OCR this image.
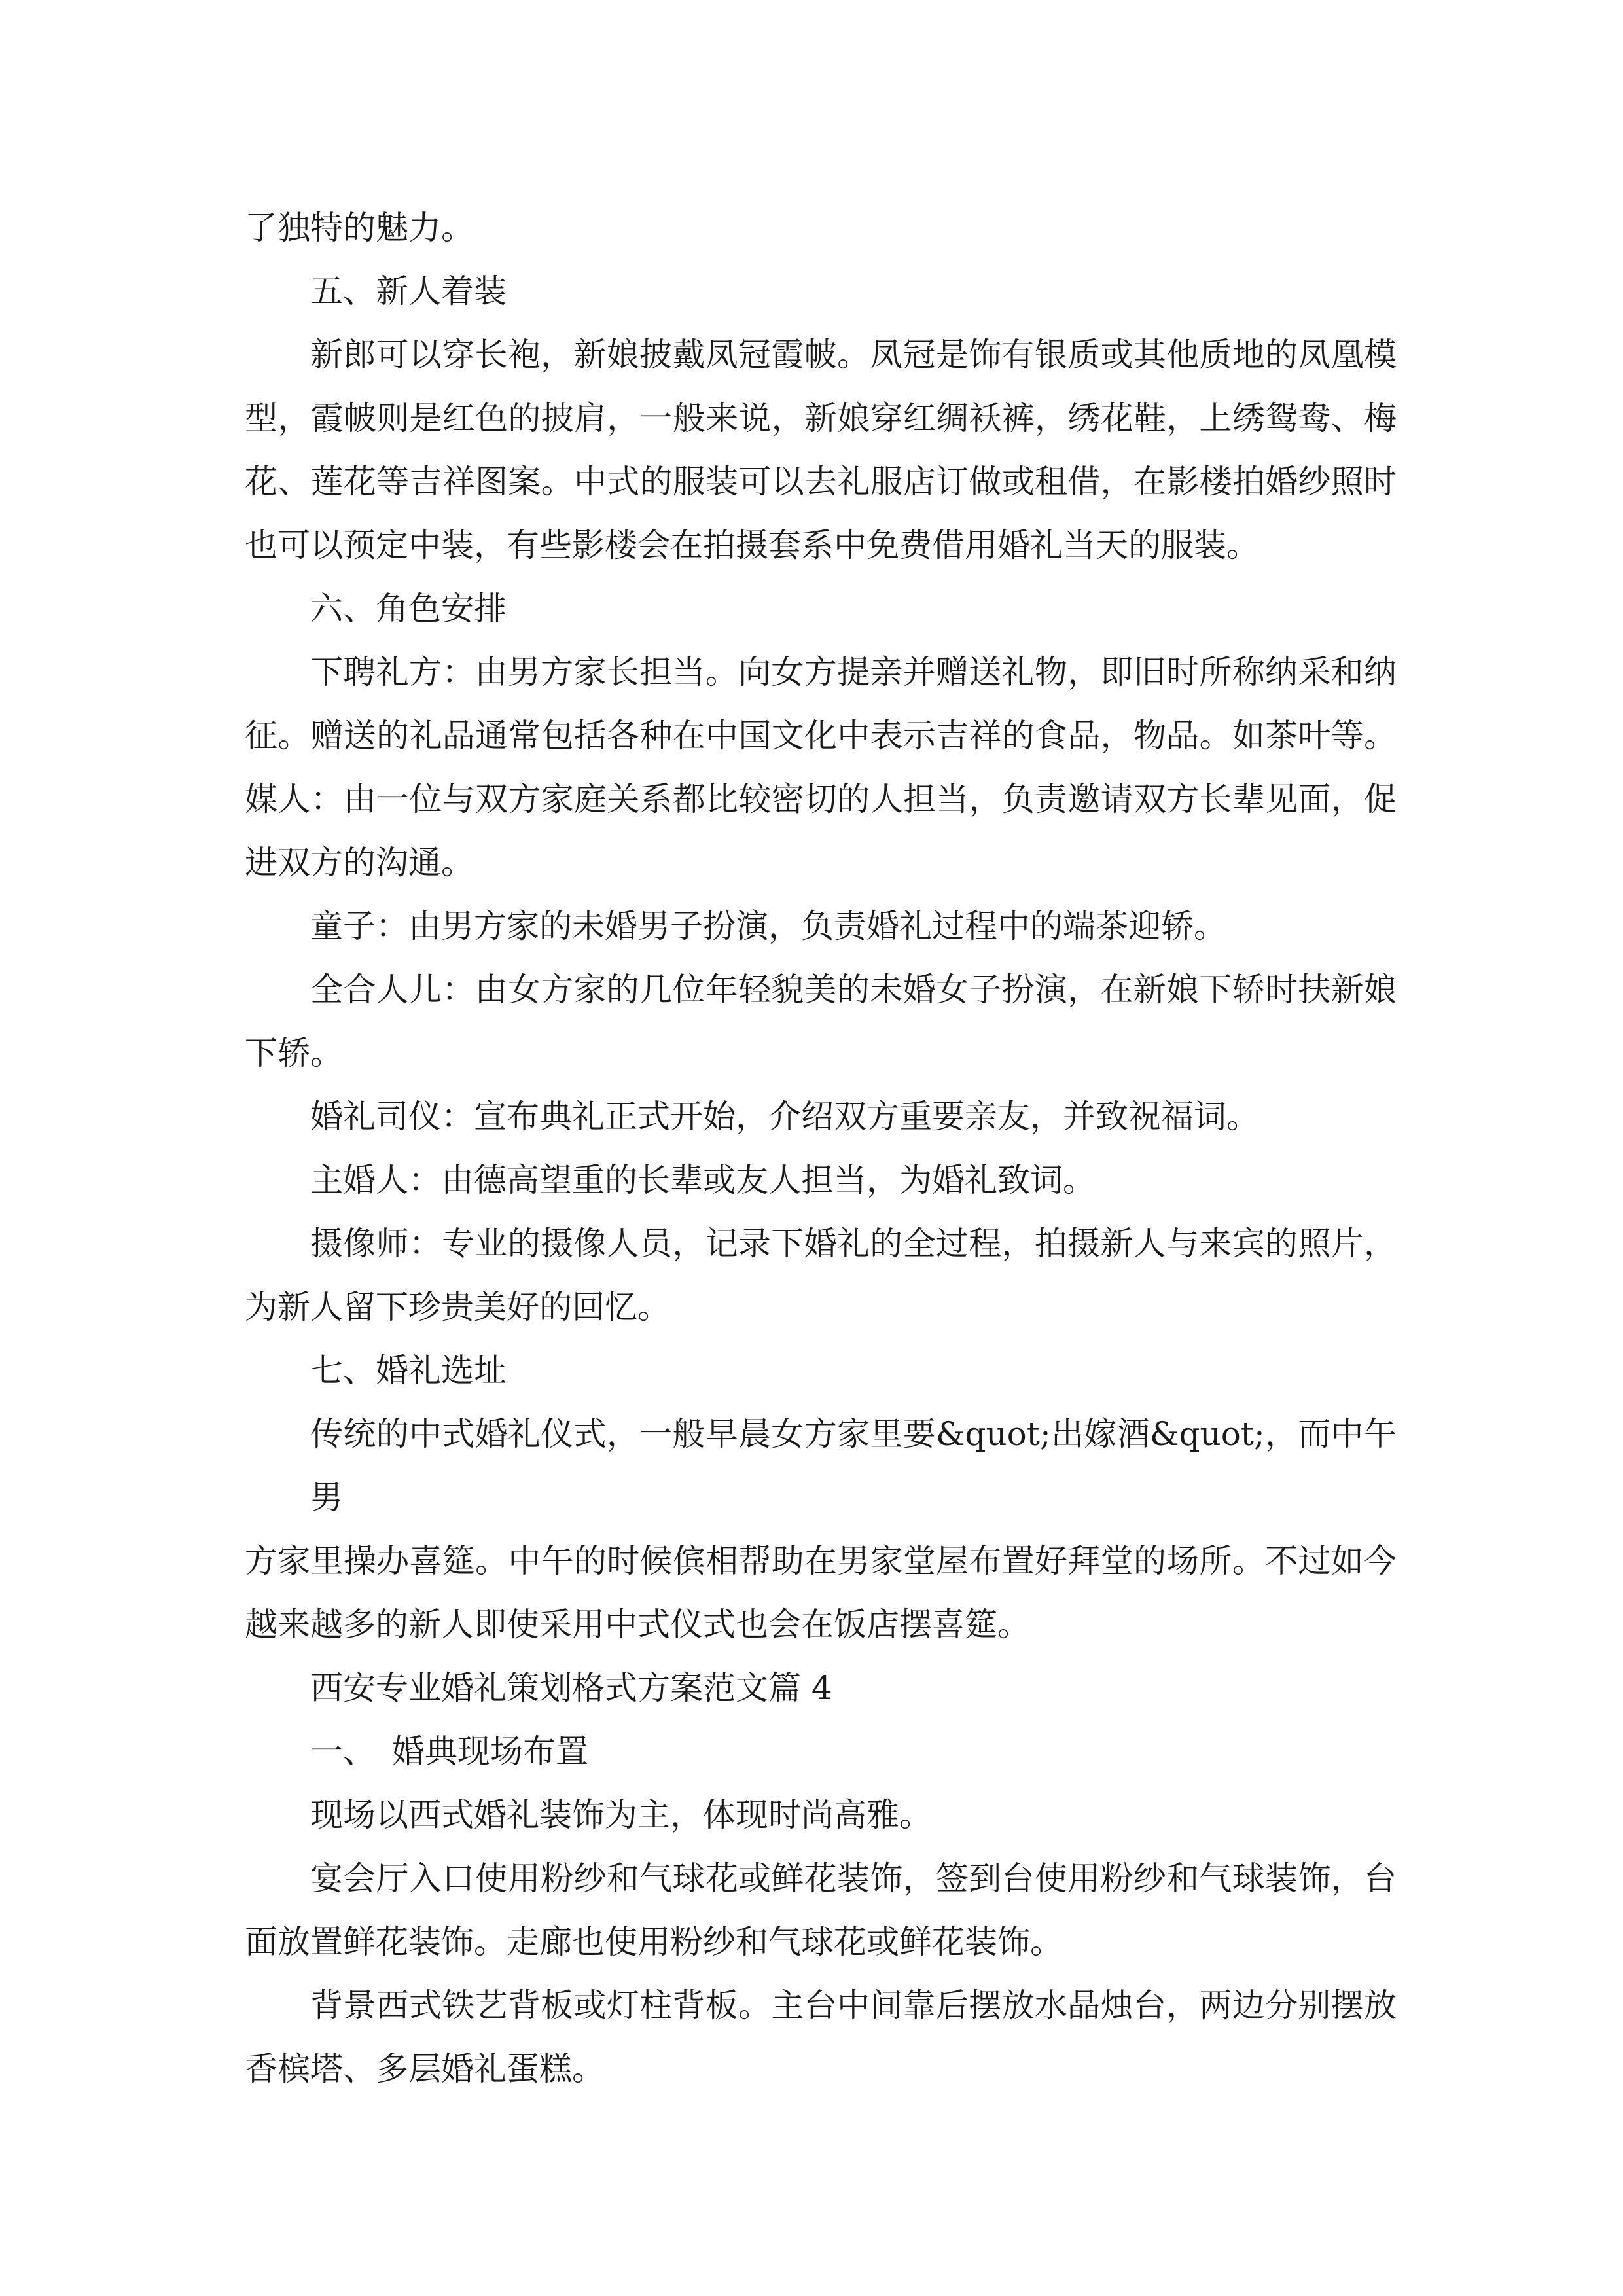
了独特的魅力。

五、新人着装

新郎可以穿长袍，新娘披戴凤冠霞帔。凤冠是饰有银质或其他质地的凤凰模

型，霞帔则是红色的披肩，一般来说，新娘穿红绸袄裤，绣花鞋，上绣鸳鸯、梅

花、莲花等吉祥图案。中式的服装可以去礼服店订做或租借，在影楼拍婚纱照时

也可以预定中装，有些影楼会在拍摄套系中免费借用婚礼当天的服装。

六、角色安排

下聘礼方：由男方家长担当。向女方提亲并赠送礼物，即旧时所称纳采和纳

征。赠送的礼品通常包括各种在中国文化中表示吉祥的食品，物品。如茶叶等。

媒人：由一位与双方家庭关系都比较密切的人担当，负责邀请双方长辈见面，促

进双方的沟通。

童子：由男方家的未婚男子扮演，负责婚礼过程中的端茶迎轿。

全合人儿：由女方家的几位年轻貌美的未婚女子扮演，在新娘下轿时扶新娘

下轿。

婚礼司仪：宣布典礼正式开始，介绍双方重要亲友，并致祝福词。

主婚人：由德高望重的长辈或友人担当，为婚礼致词。

摄像师：专业的摄像人员，记录下婚礼的全过程，拍摄新人与来宾的照片，

为新人留下珍贵美好的回忆。

七、婚礼选址

传统的中式婚礼仪式，一般早晨女方家里要&quot;出嫁酒&quot;，而中午男

方家里操办喜筵。中午的时候傧相帮助在男家堂屋布置好拜堂的场所。不过如今

越来越多的新人即使采用中式仪式也会在饭店摆喜筵。

西安专业婚礼策划格式方案范文篇 4

一、　婚典现场布置

现场以西式婚礼装饰为主，体现时尚高雅。

宴会厅入口使用粉纱和气球花或鲜花装饰，签到台使用粉纱和气球装饰，台

面放置鲜花装饰。走廊也使用粉纱和气球花或鲜花装饰。

背景西式铁艺背板或灯柱背板。主台中间靠后摆放水晶烛台，两边分别摆放

香槟塔、多层婚礼蛋糕。
